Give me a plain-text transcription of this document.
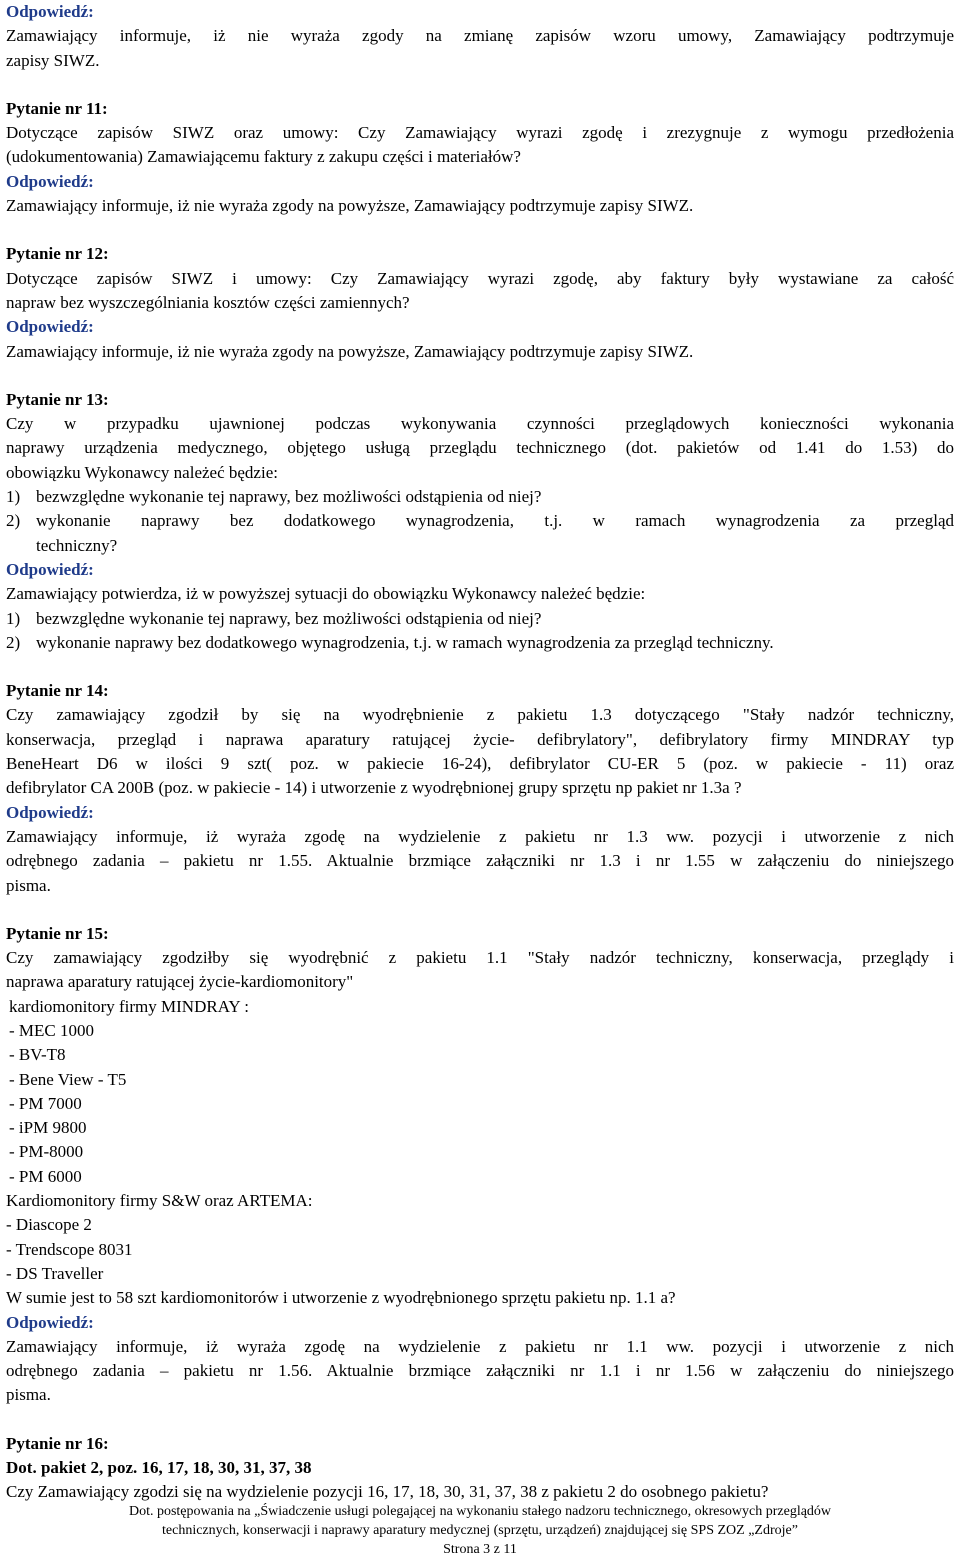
Odpowiedź:
Zamawiający informuje, iż nie wyraża zgody na zmianę zapisów wzoru umowy, Zamawiający podtrzymuje
zapisy SIWZ.
Pytanie nr 11:
Dotyczące zapisów SIWZ oraz umowy: Czy Zamawiający wyrazi zgodę i zrezygnuje z wymogu przedłożenia
(udokumentowania) Zamawiającemu faktury z zakupu części i materiałów?
Odpowiedź:
Zamawiający informuje, iż nie wyraża zgody na powyższe, Zamawiający podtrzymuje zapisy SIWZ.
Pytanie nr 12:
Dotyczące zapisów SIWZ i umowy: Czy Zamawiający wyrazi zgodę, aby faktury były wystawiane za całość
napraw bez wyszczególniania kosztów części zamiennych?
Odpowiedź:
Zamawiający informuje, iż nie wyraża zgody na powyższe, Zamawiający podtrzymuje zapisy SIWZ.
Pytanie nr 13:
Czy w przypadku ujawnionej podczas wykonywania czynności przeglądowych konieczności wykonania
naprawy urządzenia medycznego, objętego usługą przeglądu technicznego (dot. pakietów od 1.41 do 1.53) do
obowiązku Wykonawcy należeć będzie:
1) bezwzględne wykonanie tej naprawy, bez możliwości odstąpienia od niej?
2) wykonanie naprawy bez dodatkowego wynagrodzenia, t.j. w ramach wynagrodzenia za przegląd
techniczny?
Odpowiedź:
Zamawiający potwierdza, iż w powyższej sytuacji do obowiązku Wykonawcy należeć będzie:
1) bezwzględne wykonanie tej naprawy, bez możliwości odstąpienia od niej?
2) wykonanie naprawy bez dodatkowego wynagrodzenia, t.j. w ramach wynagrodzenia za przegląd techniczny.
Pytanie nr 14:
Czy zamawiający zgodził by się na wyodrębnienie z pakietu 1.3 dotyczącego "Stały nadzór techniczny,
konserwacja, przegląd i naprawa aparatury ratującej życie- defibrylatory", defibrylatory firmy MINDRAY typ
BeneHeart D6 w ilości 9 szt( poz. w pakiecie 16-24), defibrylator CU-ER 5 (poz. w pakiecie - 11) oraz
defibrylator CA 200B (poz. w pakiecie - 14) i utworzenie z wyodrębnionej grupy sprzętu np pakiet nr 1.3a ?
Odpowiedź:
Zamawiający informuje, iż wyraża zgodę na wydzielenie z pakietu nr 1.3 ww. pozycji i utworzenie z nich
odrębnego zadania – pakietu nr 1.55. Aktualnie brzmiące załączniki nr 1.3 i nr 1.55 w załączeniu do niniejszego
pisma.
Pytanie nr 15:
Czy zamawiający zgodziłby się wyodrębnić z pakietu 1.1 "Stały nadzór techniczny, konserwacja, przeglądy i
naprawa aparatury ratującej życie-kardiomonitory"
kardiomonitory firmy MINDRAY :
- MEC 1000
- BV-T8
- Bene View - T5
- PM 7000
- iPM 9800
- PM-8000
- PM 6000
Kardiomonitory firmy S&W oraz ARTEMA:
- Diascope 2
- Trendscope 8031
- DS Traveller
W sumie jest to 58 szt kardiomonitorów i utworzenie z wyodrębnionego sprzętu pakietu np. 1.1 a?
Odpowiedź:
Zamawiający informuje, iż wyraża zgodę na wydzielenie z pakietu nr 1.1 ww. pozycji i utworzenie z nich
odrębnego zadania – pakietu nr 1.56. Aktualnie brzmiące załączniki nr 1.1 i nr 1.56 w załączeniu do niniejszego
pisma.
Pytanie nr 16:
Dot. pakiet 2, poz. 16, 17, 18, 30, 31, 37, 38
Czy Zamawiający zgodzi się na wydzielenie pozycji 16, 17, 18, 30, 31, 37, 38 z pakietu 2 do osobnego pakietu?
Dot. postępowania na „Świadczenie usługi polegającej na wykonaniu stałego nadzoru technicznego, okresowych przeglądów
technicznych, konserwacji i naprawy aparatury medycznej (sprzętu, urządzeń) znajdującej się SPS ZOZ „Zdroje”
Strona 3 z 11
